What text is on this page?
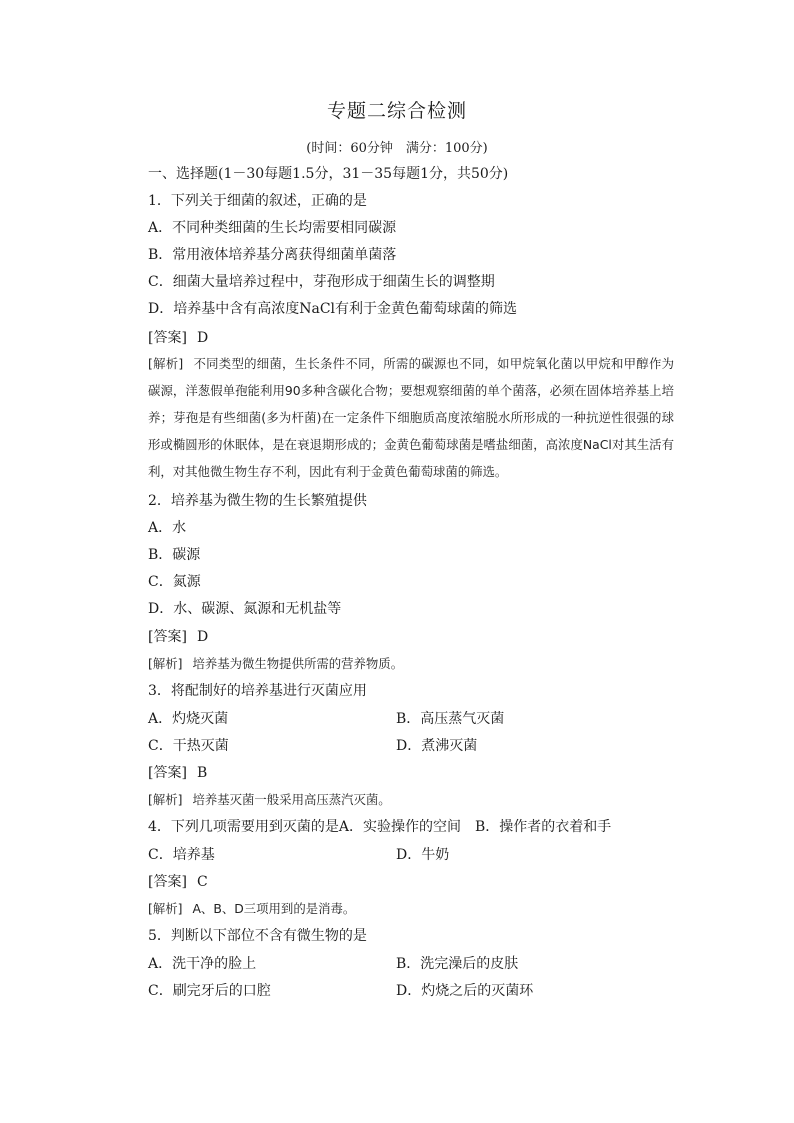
专题二综合检测
(时间：60分钟　满分：100分)
一、选择题(1－30每题1.5分，31－35每题1分，共50分)
1．下列关于细菌的叙述，正确的是
A．不同种类细菌的生长均需要相同碳源
B．常用液体培养基分离获得细菌单菌落
C．细菌大量培养过程中，芽孢形成于细菌生长的调整期
D．培养基中含有高浓度NaCl有利于金黄色葡萄球菌的筛选
[答案] D
[解析] 不同类型的细菌，生长条件不同，所需的碳源也不同，如甲烷氧化菌以甲烷和甲醇作为碳源，洋葱假单孢能利用90多种含碳化合物；要想观察细菌的单个菌落，必须在固体培养基上培养；芽孢是有些细菌(多为杆菌)在一定条件下细胞质高度浓缩脱水所形成的一种抗逆性很强的球形或椭圆形的休眠体，是在衰退期形成的；金黄色葡萄球菌是嗜盐细菌，高浓度NaCl对其生活有利，对其他微生物生存不利，因此有利于金黄色葡萄球菌的筛选。
2．培养基为微生物的生长繁殖提供
A．水
B．碳源
C．氮源
D．水、碳源、氮源和无机盐等
[答案] D
[解析] 培养基为微生物提供所需的营养物质。
3．将配制好的培养基进行灭菌应用
A．灼烧灭菌	B．高压蒸气灭菌
C．干热灭菌	D．煮沸灭菌
[答案] B
[解析] 培养基灭菌一般采用高压蒸汽灭菌。
4．下列几项需要用到灭菌的是A．实验操作的空间　B．操作者的衣着和手
C．培养基	D．牛奶
[答案] C
[解析] A、B、D三项用到的是消毒。
5．判断以下部位不含有微生物的是
A．洗干净的脸上	B．洗完澡后的皮肤
C．刷完牙后的口腔	D．灼烧之后的灭菌环
